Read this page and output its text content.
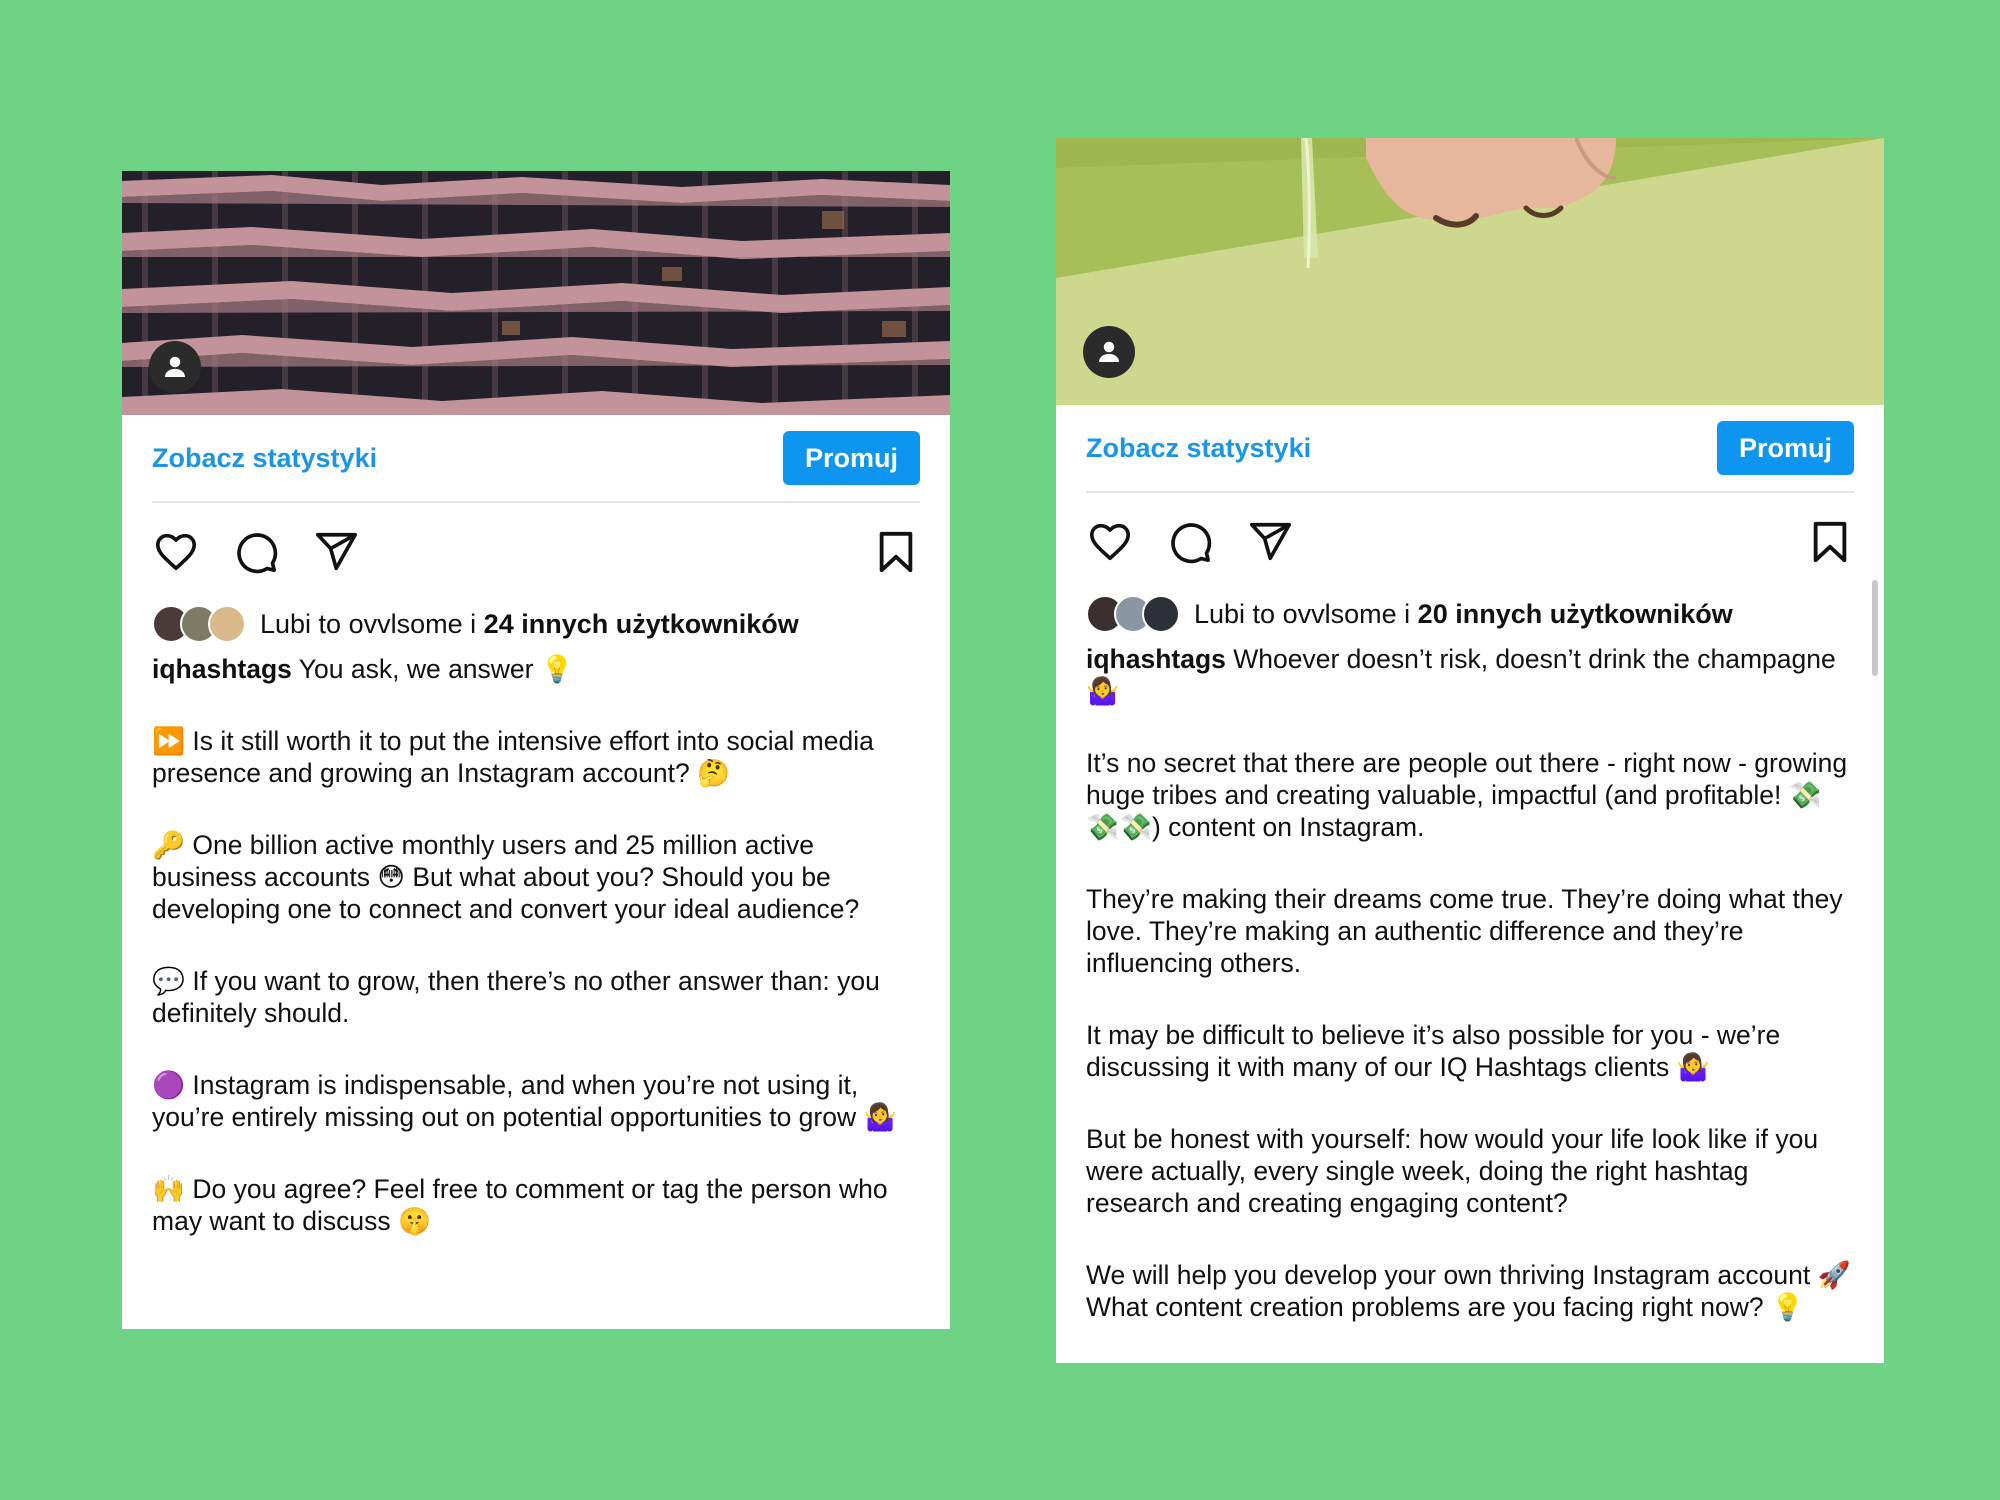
Zobacz statystyki	Promuj
Lubi to
ovvlsome
i
24 innych użytkowników

iqhashtags You ask, we answer 💡

⏩ Is it still worth it to put the intensive effort into social media presence and growing an Instagram account? 🤔

🔑 One billion active monthly users and 25 million active business accounts 😳 But what about you? Should you be developing one to connect and convert your ideal audience?

💬 If you want to grow, then there’s no other answer than: you definitely should.

🟣 Instagram is indispensable, and when you’re not using it, you’re entirely missing out on potential opportunities to grow 🤷‍♀️

🙌 Do you agree? Feel free to comment or tag the person who may want to discuss 🤫

Zobacz statystyki	Promuj
Lubi to
ovvlsome
i
20 innych użytkowników

iqhashtags Whoever doesn’t risk, doesn’t drink the champagne 🤷‍♀️

It’s no secret that there are people out there - right now - growing huge tribes and creating valuable, impactful (and profitable! 💸💸💸) content on Instagram.

They’re making their dreams come true. They’re doing what they love. They’re making an authentic difference and they’re influencing others.

It may be difficult to believe it’s also possible for you - we’re discussing it with many of our IQ Hashtags clients 🤷‍♀️

But be honest with yourself: how would your life look like if you were actually, every single week, doing the right hashtag research and creating engaging content?

We will help you develop your own thriving Instagram account 🚀 What content creation problems are you facing right now? 💡
